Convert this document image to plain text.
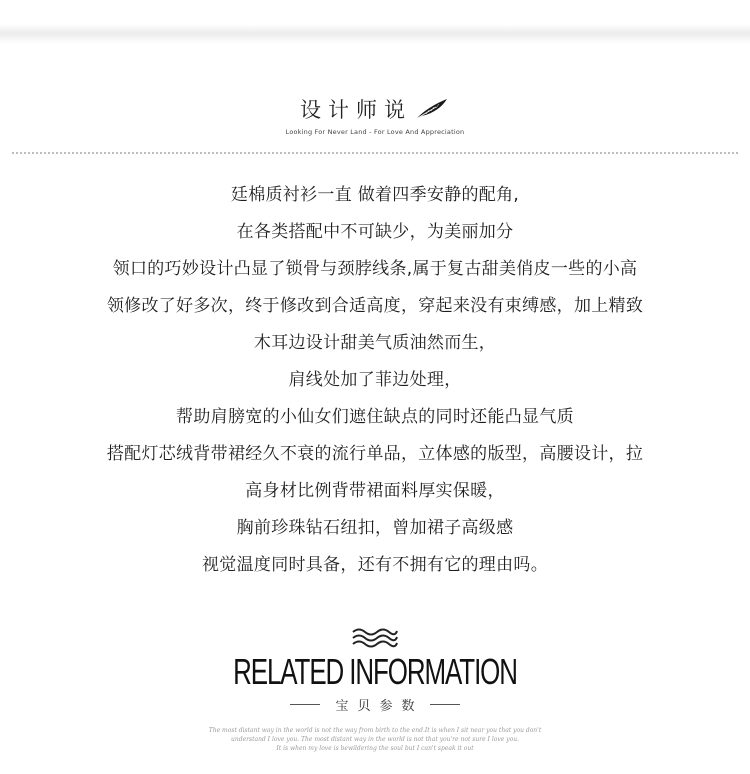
设计师说
Looking For Never Land - For Love And Appreciation
廷棉质衬衫一直 做着四季安静的配角,
在各类搭配中不可缺少，为美丽加分
领口的巧妙设计凸显了锁骨与颈脖线条,属于复古甜美俏皮一些的小高
领修改了好多次，终于修改到合适高度，穿起来没有束缚感，加上精致
木耳边设计甜美气质油然而生，
肩线处加了菲边处理，
帮助肩膀宽的小仙女们遮住缺点的同时还能凸显气质
搭配灯芯绒背带裙经久不衰的流行单品，立体感的版型，高腰设计，拉
高身材比例背带裙面料厚实保暖，
胸前珍珠钻石纽扣，曾加裙子高级感
视觉温度同时具备，还有不拥有它的理由吗。
RELATED INFORMATION
宝贝参数
The most distant way in the world is not the way from birth to the end.It is when I sit near you that you don't
understand I love you. The most distant way in the world is not that you're not sure I love you.
It is when my love is bewildering the soul but I can't speak it out
